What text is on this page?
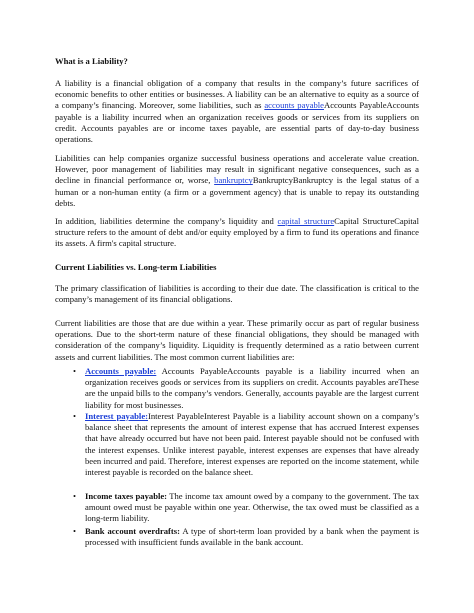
What is a Liability?

A liability is a financial obligation of a company that results in the company’s future sacrifices of economic benefits to other entities or businesses. A liability can be an alternative to equity as a source of a company’s financing. Moreover, some liabilities, such as accounts payableAccounts PayableAccounts payable is a liability incurred when an organization receives goods or services from its suppliers on credit. Accounts payables are or income taxes payable, are essential parts of day-to-day business operations.

Liabilities can help companies organize successful business operations and accelerate value creation. However, poor management of liabilities may result in significant negative consequences, such as a decline in financial performance or, worse, bankruptcyBankruptcyBankruptcy is the legal status of a human or a non-human entity (a firm or a government agency) that is unable to repay its outstanding debts.

In addition, liabilities determine the company’s liquidity and capital structureCapital StructureCapital structure refers to the amount of debt and/or equity employed by a firm to fund its operations and finance its assets. A firm's capital structure.

Current Liabilities vs. Long-term Liabilities

The primary classification of liabilities is according to their due date. The classification is critical to the company’s management of its financial obligations.

Current liabilities are those that are due within a year. These primarily occur as part of regular business operations. Due to the short-term nature of these financial obligations, they should be managed with consideration of the company’s liquidity. Liquidity is frequently determined as a ratio between current assets and current liabilities. The most common current liabilities are:

• Accounts payable: Accounts PayableAccounts payable is a liability incurred when an organization receives goods or services from its suppliers on credit. Accounts payables areThese are the unpaid bills to the company’s vendors. Generally, accounts payable are the largest current liability for most businesses.
• Interest payable:Interest PayableInterest Payable is a liability account shown on a company’s balance sheet that represents the amount of interest expense that has accrued Interest expenses that have already occurred but have not been paid. Interest payable should not be confused with the interest expenses. Unlike interest payable, interest expenses are expenses that have already been incurred and paid. Therefore, interest expenses are reported on the income statement, while interest payable is recorded on the balance sheet.
• Income taxes payable: The income tax amount owed by a company to the government. The tax amount owed must be payable within one year. Otherwise, the tax owed must be classified as a long-term liability.
• Bank account overdrafts: A type of short-term loan provided by a bank when the payment is processed with insufficient funds available in the bank account.
